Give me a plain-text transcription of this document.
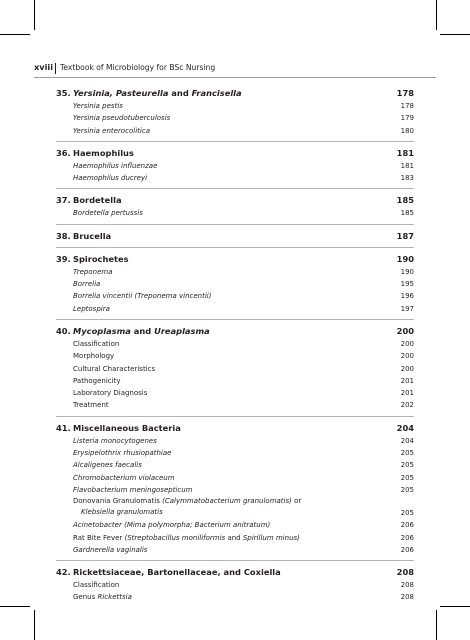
xviii Textbook of Microbiology for BSc Nursing
35. Yersinia, Pasteurella and Francisella	178
Yersinia pestis	178
Yersinia pseudotuberculosis	179
Yersinia enterocolitica	180
36. Haemophilus	181
Haemophilus influenzae	181
Haemophilus ducreyi	183
37. Bordetella	185
Bordetella pertussis	185
38. Brucella	187
39. Spirochetes	190
Treponema	190
Borrelia	195
Borrelia vincentii (Treponema vincentii)	196
Leptospira	197
40. Mycoplasma and Ureaplasma	200
Classification	200
Morphology	200
Cultural Characteristics	200
Pathogenicity	201
Laboratory Diagnosis	201
Treatment	202
41. Miscellaneous Bacteria	204
Listeria monocytogenes	204
Erysipelothrix rhusiopathiae	205
Alcaligenes faecalis	205
Chromobacterium violaceum	205
Flavobacterium meningosepticum	205
Donovania Granulomatis (Calymmatobacterium granulomatis) or
Klebsiella granulomatis	205
Acinetobacter (Mima polymorpha; Bacterium anitratum)	206
Rat Bite Fever (Streptobacillus moniliformis and Spirillum minus)	206
Gardnerella vaginalis	206
42. Rickettsiaceae, Bartonellaceae, and Coxiella	208
Classification	208
Genus Rickettsia	208
